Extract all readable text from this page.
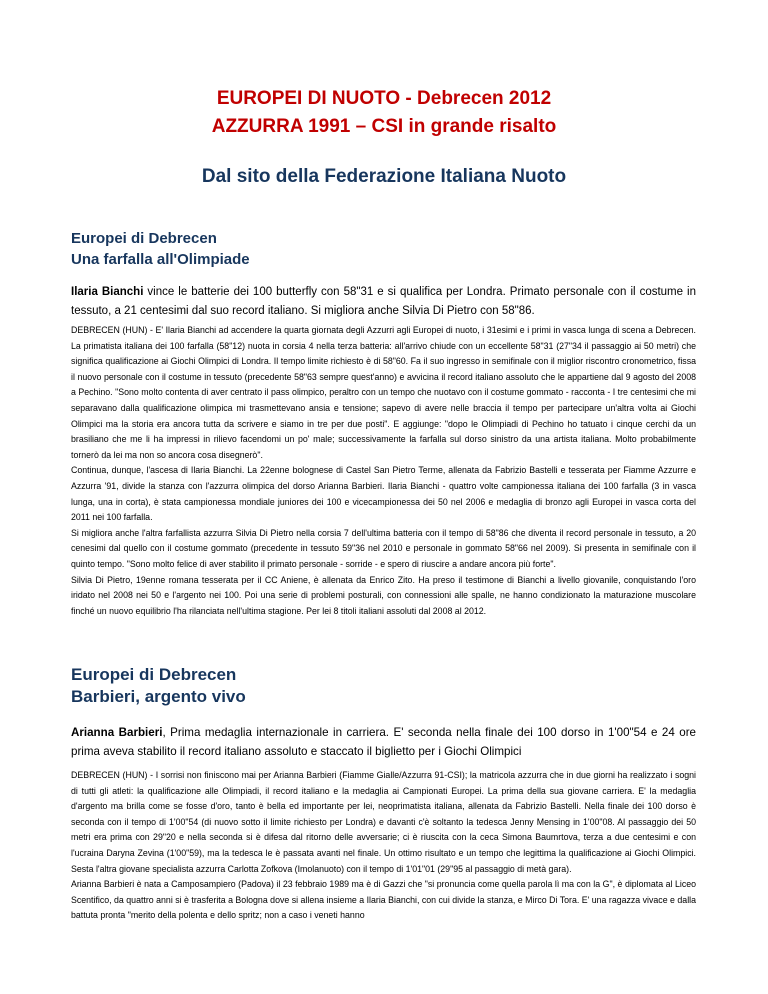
EUROPEI DI NUOTO - Debrecen 2012
AZZURRA 1991 – CSI in grande risalto
Dal sito della Federazione Italiana Nuoto
Europei di Debrecen
Una farfalla all'Olimpiade
Ilaria Bianchi vince le batterie dei 100 butterfly con 58"31 e si qualifica per Londra. Primato personale con il costume in tessuto, a 21 centesimi dal suo record italiano. Si migliora anche Silvia Di Pietro con 58"86.

DEBRECEN (HUN) - E' Ilaria Bianchi ad accendere la quarta giornata degli Azzurri agli Europei di nuoto, i 31esimi e i primi in vasca lunga di scena a Debrecen. La primatista italiana dei 100 farfalla (58"12) nuota in corsia 4 nella terza batteria: all'arrivo chiude con un eccellente 58"31 (27"34 il passaggio ai 50 metri) che significa qualificazione ai Giochi Olimpici di Londra. Il tempo limite richiesto è di 58"60. Fa il suo ingresso in semifinale con il miglior riscontro cronometrico, fissa il nuovo personale con il costume in tessuto (precedente 58"63 sempre quest'anno) e avvicina il record italiano assoluto che le appartiene dal 9 agosto del 2008 a Pechino. "Sono molto contenta di aver centrato il pass olimpico, peraltro con un tempo che nuotavo con il costume gommato - racconta - I tre centesimi che mi separavano dalla qualificazione olimpica mi trasmettevano ansia e tensione; sapevo di avere nelle braccia il tempo per partecipare un'altra volta ai Giochi Olimpici ma la storia era ancora tutta da scrivere e siamo in tre per due posti". E aggiunge: "dopo le Olimpiadi di Pechino ho tatuato i cinque cerchi da un brasiliano che me li ha impressi in rilievo facendomi un po' male; successivamente la farfalla sul dorso sinistro da una artista italiana. Molto probabilmente tornerò da lei ma non so ancora cosa disegnerò".

Continua, dunque, l'ascesa di Ilaria Bianchi. La 22enne bolognese di Castel San Pietro Terme, allenata da Fabrizio Bastelli e tesserata per Fiamme Azzurre e Azzurra '91, divide la stanza con l'azzurra olimpica del dorso Arianna Barbieri. Ilaria Bianchi - quattro volte campionessa italiana dei 100 farfalla (3 in vasca lunga, una in corta), è stata campionessa mondiale juniores dei 100 e vicecampionessa dei 50 nel 2006 e medaglia di bronzo agli Europei in vasca corta del 2011 nei 100 farfalla.

Si migliora anche l'altra farfallista azzurra Silvia Di Pietro nella corsia 7 dell'ultima batteria con il tempo di 58"86 che diventa il record personale in tessuto, a 20 cenesimi dal quello con il costume gommato (precedente in tessuto 59"36 nel 2010 e personale in gommato 58"66 nel 2009). Si presenta in semifinale con il quinto tempo. "Sono molto felice di aver stabilito il primato personale - sorride - e spero di riuscire a andare ancora più forte".

Silvia Di Pietro, 19enne romana tesserata per il CC Aniene, è allenata da Enrico Zito. Ha preso il testimone di Bianchi a livello giovanile, conquistando l'oro iridato nel 2008 nei 50 e l'argento nei 100. Poi una serie di problemi posturali, con connessioni alle spalle, ne hanno condizionato la maturazione muscolare finché un nuovo equilibrio l'ha rilanciata nell'ultima stagione. Per lei 8 titoli italiani assoluti dal 2008 al 2012.

Europei di Debrecen
Barbieri, argento vivo
Arianna Barbieri, Prima medaglia internazionale in carriera. E' seconda nella finale dei 100 dorso in 1'00"54 e 24 ore prima aveva stabilito il record italiano assoluto e staccato il biglietto per i Giochi Olimpici

DEBRECEN (HUN) - I sorrisi non finiscono mai per Arianna Barbieri (Fiamme Gialle/Azzurra 91-CSI); la matricola azzurra che in due giorni ha realizzato i sogni di tutti gli atleti: la qualificazione alle Olimpiadi, il record italiano e la medaglia ai Campionati Europei. La prima della sua giovane carriera. E' la medaglia d'argento ma brilla come se fosse d'oro, tanto è bella ed importante per lei, neoprimatista italiana, allenata da Fabrizio Bastelli. Nella finale dei 100 dorso è seconda con il tempo di 1'00"54 (di nuovo sotto il limite richiesto per Londra) e davanti c'è soltanto la tedesca Jenny Mensing in 1'00"08. Al passaggio dei 50 metri era prima con 29"20 e nella seconda si è difesa dal ritorno delle avversarie; ci è riuscita con la ceca Simona Baumrtova, terza a due centesimi e con l'ucraina Daryna Zevina (1'00"59), ma la tedesca le è passata avanti nel finale. Un ottimo risultato e un tempo che legittima la qualificazione ai Giochi Olimpici. Sesta l'altra giovane specialista azzurra Carlotta Zofkova (Imolanuoto) con il tempo di 1'01"01 (29"95 al passaggio di metà gara).

Arianna Barbieri è nata a Camposampiero (Padova) il 23 febbraio 1989 ma è di Gazzi che "si pronuncia come quella parola lì ma con la G", è diplomata al Liceo Scentifico, da quattro anni si è trasferita a Bologna dove si allena insieme a Ilaria Bianchi, con cui divide la stanza, e Mirco Di Tora. E' una ragazza vivace e dalla battuta pronta "merito della polenta e dello spritz; non a caso i veneti hanno
